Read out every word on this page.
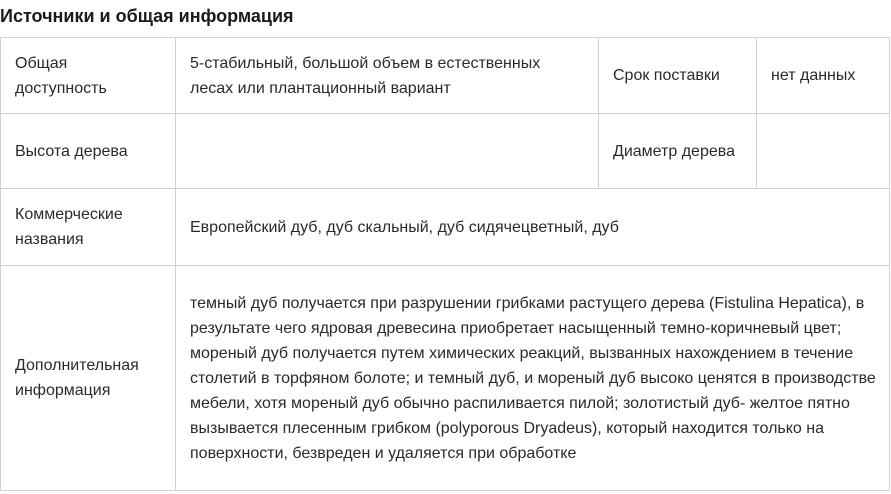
Источники и общая информация
Общая доступность	5-стабильный, большой объем в естественных лесах или плантационный вариант	Срок поставки	нет данных
Высота дерева		Диаметр дерева	
Коммерческие названия	Европейский дуб, дуб скальный, дуб сидячецветный, дуб		
Дополнительная информация	темный дуб получается при разрушении грибками растущего дерева (Fistulina Hepatica), в результате чего ядровая древесина приобретает насыщенный темно-коричневый цвет; мореный дуб получается путем химических реакций, вызванных нахождением в течение столетий в торфяном болоте; и темный дуб, и мореный дуб высоко ценятся в производстве мебели, хотя мореный дуб обычно распиливается пилой; золотистый дуб- желтое пятно вызывается плесенным грибком (polyporous Dryadeus), который находится только на поверхности, безвреден и удаляется при обработке		
